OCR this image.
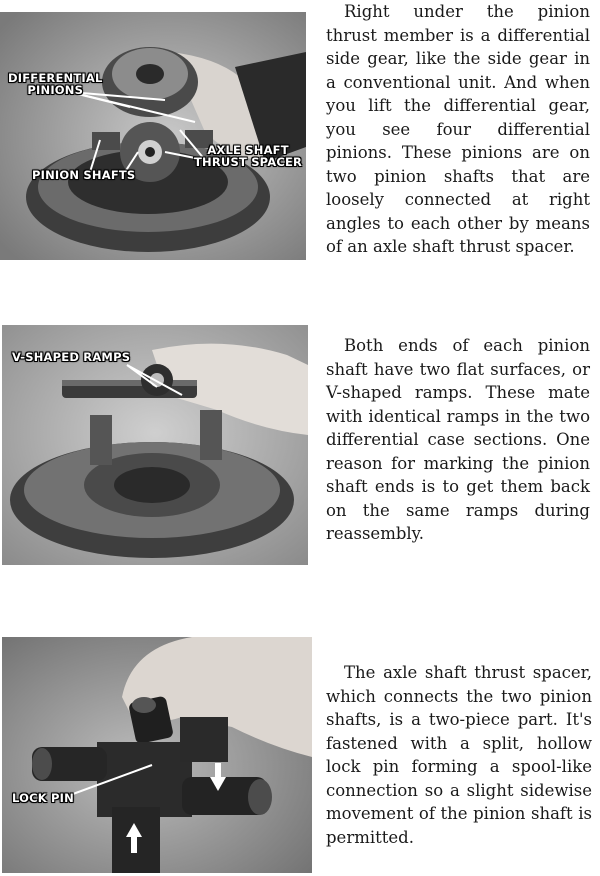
DIFFERENTIAL
PINIONS
PINION SHAFTS
AXLE SHAFT
THRUST SPACER

Right under the pinion thrust member is a differential side gear, like the side gear in a conventional unit. And when you lift the differential gear, you see four differential pinions. These pinions are on two pinion shafts that are loosely connected at right angles to each other by means of an axle shaft thrust spacer.

V-SHAPED RAMPS

Both ends of each pinion shaft have two flat surfaces, or V-shaped ramps. These mate with identical ramps in the two differential case sections. One reason for marking the pinion shaft ends is to get them back on the same ramps during reassembly.

LOCK PIN

The axle shaft thrust spacer, which connects the two pinion shafts, is a two-piece part. It's fastened with a split, hollow lock pin forming a spool-like connection so a slight sidewise movement of the pinion shaft is permitted.
